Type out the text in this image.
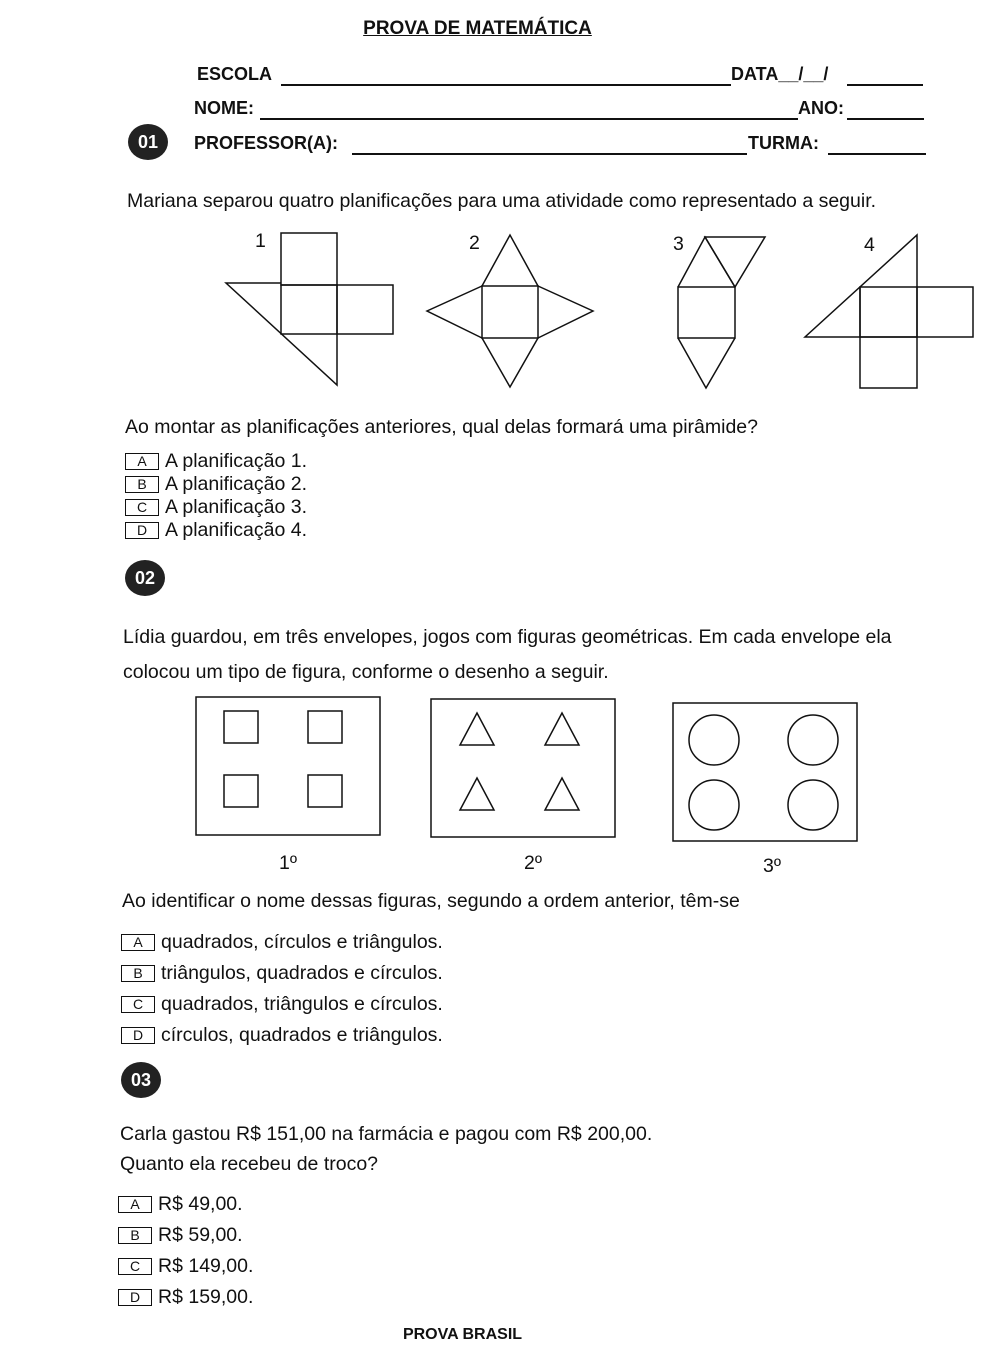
PROVA DE MATEMÁTICA
ESCOLA	DATA__/__/
NOME:	ANO:
PROFESSOR(A):	TURMA:
01
Mariana separou quatro planificações para uma atividade como representado a seguir.
1	2	3	4
Ao montar as planificações anteriores, qual delas formará uma pirâmide?
A A planificação 1.
B A planificação 2.
C A planificação 3.
D A planificação 4.
02
Lídia guardou, em três envelopes, jogos com figuras geométricas. Em cada envelope ela
colocou um tipo de figura, conforme o desenho a seguir.
1º	2º	3º
Ao identificar o nome dessas figuras, segundo a ordem anterior, têm-se
A quadrados, círculos e triângulos.
B triângulos, quadrados e círculos.
C quadrados, triângulos e círculos.
D círculos, quadrados e triângulos.
03
Carla gastou R$ 151,00 na farmácia e pagou com R$ 200,00.
Quanto ela recebeu de troco?
A R$ 49,00.
B R$ 59,00.
C R$ 149,00.
D R$ 159,00.
PROVA BRASIL
